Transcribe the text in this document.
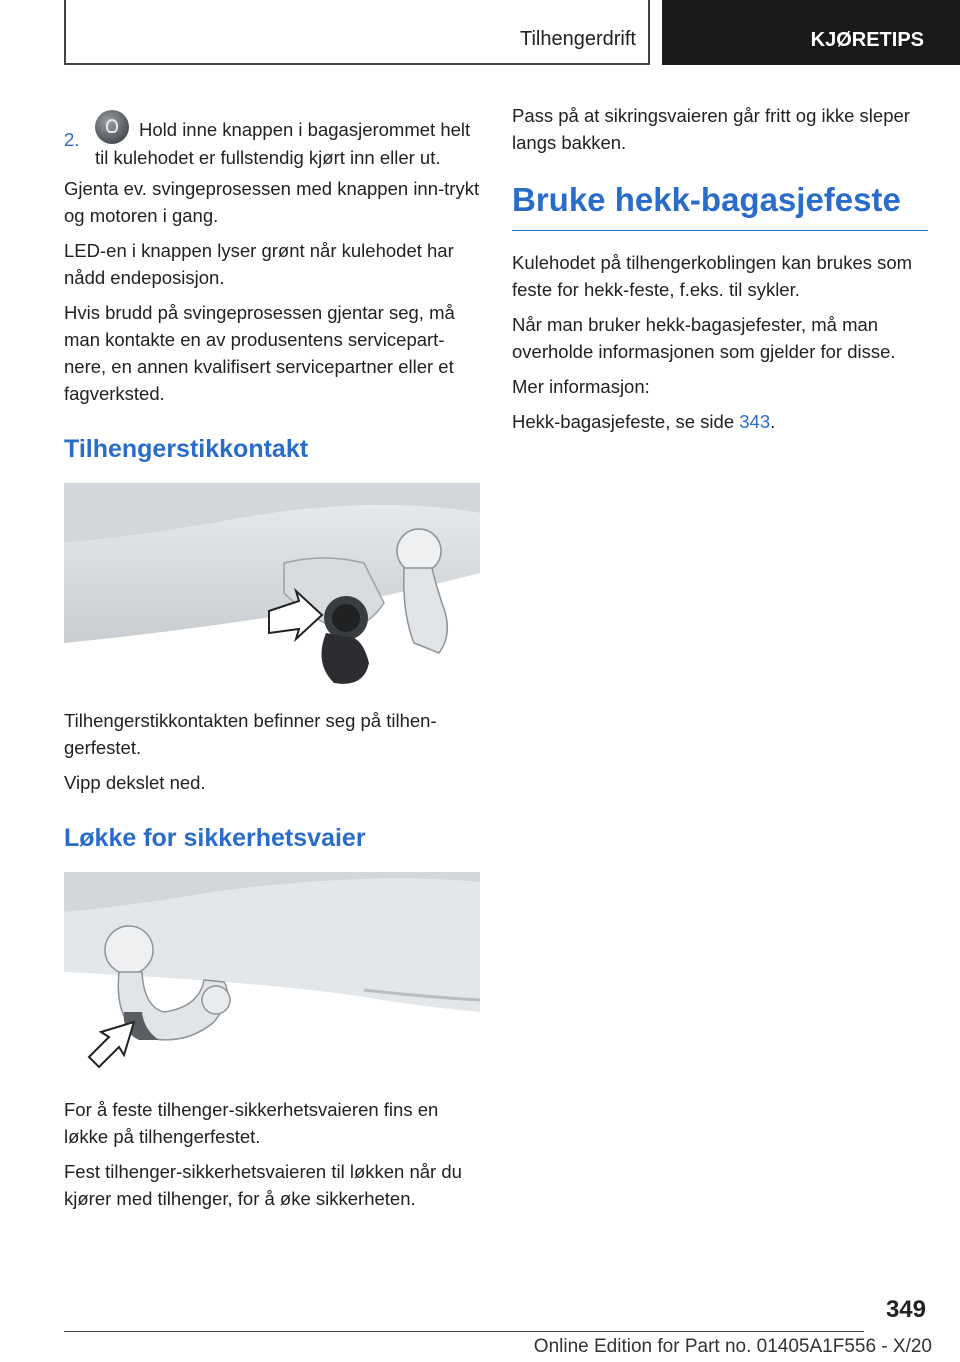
Tilhengerdrift	KJØRETIPS

2.	Hold inne knappen i bagasjerommet helt til kulehodet er fullstendig kjørt inn eller ut.

Gjenta ev. svingeprosessen med knappen inn-trykt og motoren i gang.

LED-en i knappen lyser grønt når kulehodet har nådd endeposisjon.

Hvis brudd på svingeprosessen gjentar seg, må man kontakte en av produsentens servicepart-nere, en annen kvalifisert servicepartner eller et fagverksted.

Tilhengerstikkontakt

Tilhengerstikkontakten befinner seg på tilhen-gerfestet.

Vipp dekslet ned.

Løkke for sikkerhetsvaier

For å feste tilhenger-sikkerhetsvaieren fins en løkke på tilhengerfestet.

Fest tilhenger-sikkerhetsvaieren til løkken når du kjører med tilhenger, for å øke sikkerheten.

Pass på at sikringsvaieren går fritt og ikke sleper langs bakken.

Bruke hekk-bagasjefeste

Kulehodet på tilhengerkoblingen kan brukes som feste for hekk-feste, f.eks. til sykler.

Når man bruker hekk-bagasjefester, må man overholde informasjonen som gjelder for disse.

Mer informasjon:

Hekk-bagasjefeste, se side 343.

349
Online Edition for Part no. 01405A1F556 - X/20
